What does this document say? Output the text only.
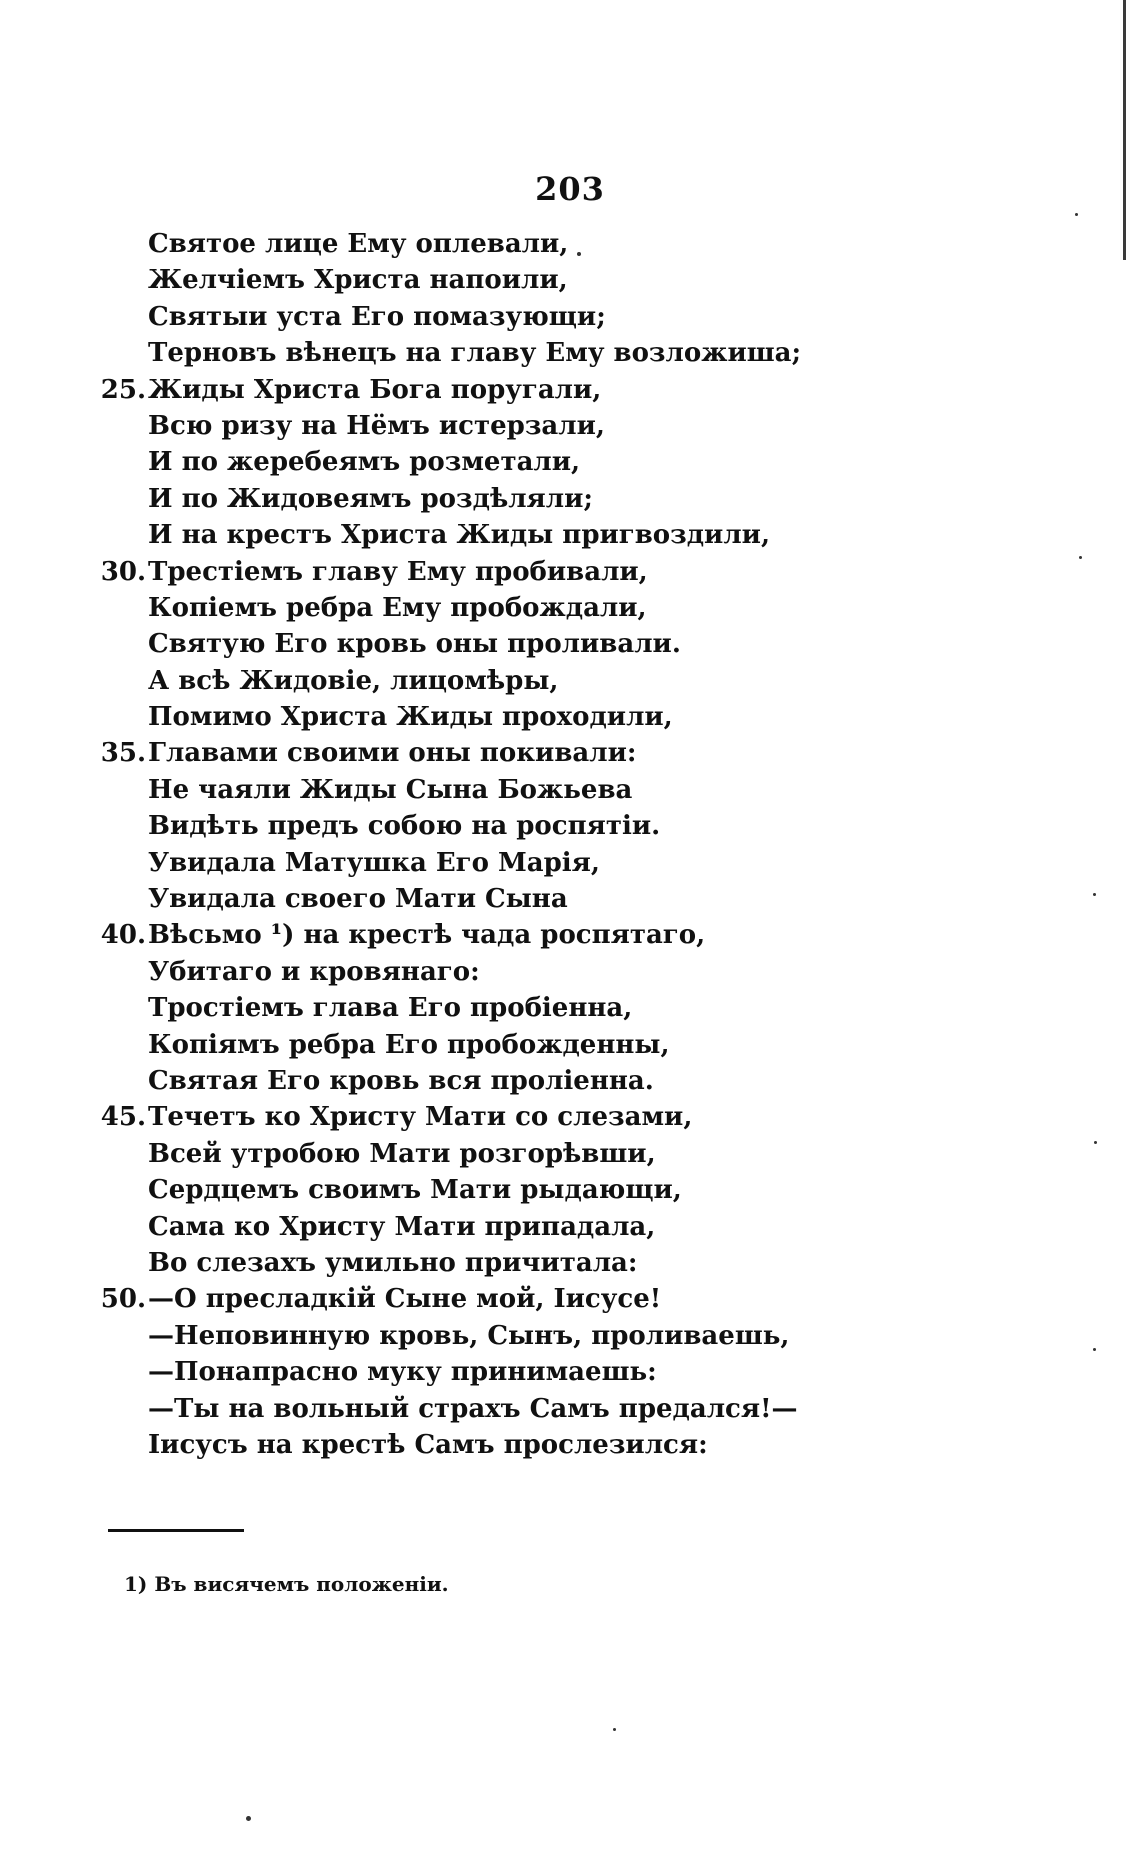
203
Святое лице Ему оплевали,
Желчіемъ Христа напоили,
Святыи уста Его помазующи;
Терновъ вѣнецъ на главу Ему возложиша;
25. Жиды Христа Бога поругали,
Всю ризу на Нёмъ истерзали,
И по жеребеямъ розметали,
И по Жидовеямъ роздѣляли;
И на крестъ Христа Жиды пригвоздили,
30. Трестіемъ главу Ему пробивали,
Копіемъ ребра Ему пробождали,
Святую Его кровь оны проливали.
А всѣ Жидовіе, лицомѣры,
Помимо Христа Жиды проходили,
35. Главами своими оны покивали:
Не чаяли Жиды Сына Божьева
Видѣть предъ собою на роспятіи.
Увидала Матушка Его Марія,
Увидала своего Мати Сына
40. Вѣсьмо ¹) на крестѣ чада роспятаго,
Убитаго и кровянаго:
Тростіемъ глава Его пробіенна,
Копіямъ ребра Его пробожденны,
Святая Его кровь вся проліенна.
45. Течетъ ко Христу Мати со слезами,
Всей утробою Мати розгорѣвши,
Сердцемъ своимъ Мати рыдающи,
Сама ко Христу Мати припадала,
Во слезахъ умильно причитала:
50. —О пресладкій Сыне мой, Іисусе!
—Неповинную кровь, Сынъ, проливаешь,
—Понапрасно муку принимаешь:
—Ты на вольный страхъ Самъ предался!—
Іисусъ на крестѣ Самъ прослезился:
1) Въ висячемъ положеніи.
